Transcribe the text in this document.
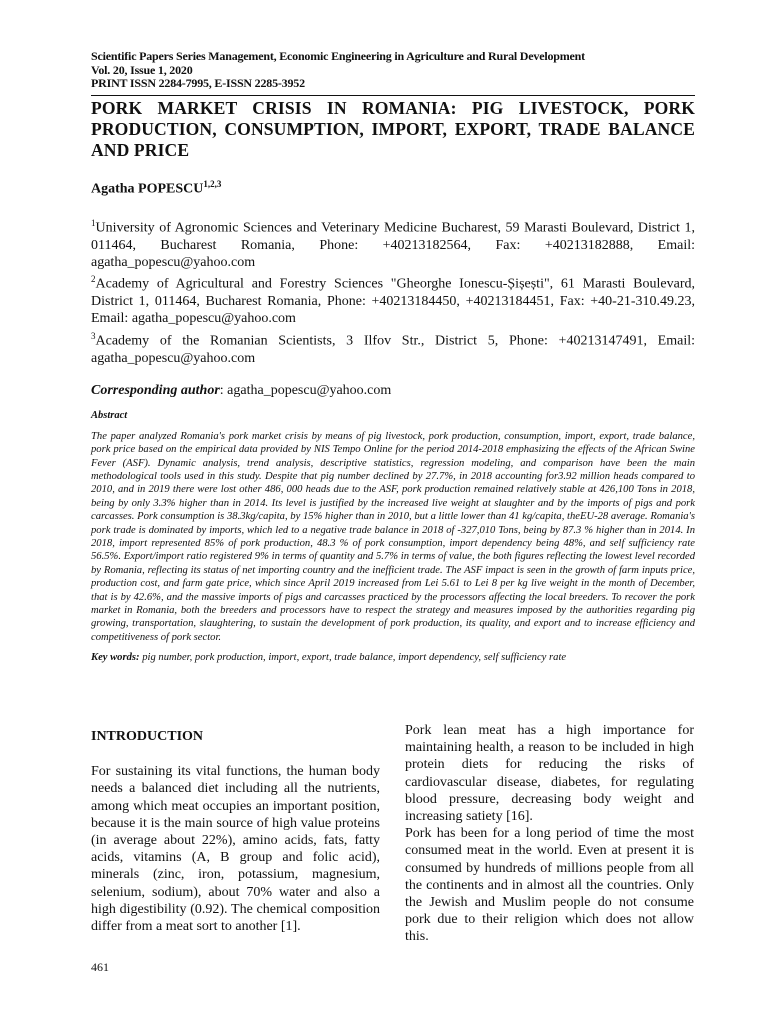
Scientific Papers Series Management, Economic Engineering in Agriculture and Rural Development
Vol. 20, Issue 1, 2020
PRINT ISSN 2284-7995, E-ISSN 2285-3952
PORK MARKET CRISIS IN ROMANIA: PIG LIVESTOCK, PORK PRODUCTION, CONSUMPTION, IMPORT, EXPORT, TRADE BALANCE AND PRICE
Agatha POPESCU$^{1,2,3}$
$^1$University of Agronomic Sciences and Veterinary Medicine Bucharest, 59 Marasti Boulevard, District 1, 011464, Bucharest Romania, Phone: +40213182564, Fax: +40213182888, Email: agatha_popescu@yahoo.com
$^2$Academy of Agricultural and Forestry Sciences "Gheorghe Ionescu-Șișești", 61 Marasti Boulevard, District 1, 011464, Bucharest Romania, Phone: +40213184450, +40213184451, Fax: +40-21-310.49.23, Email: agatha_popescu@yahoo.com
$^3$Academy of the Romanian Scientists, 3 Ilfov Str., District 5, Phone: +40213147491, Email: agatha_popescu@yahoo.com
Corresponding author: agatha_popescu@yahoo.com
Abstract
The paper analyzed Romania's pork market crisis by means of pig livestock, pork production, consumption, import, export, trade balance, pork price based on the empirical data provided by NIS Tempo Online for the period 2014-2018 emphasizing the effects of the African Swine Fever (ASF). Dynamic analysis, trend analysis, descriptive statistics, regression modeling, and comparison have been the main methodological tools used in this study. Despite that pig number declined by 27.7%, in 2018 accounting for3.92 million heads compared to 2010, and in 2019 there were lost other 486, 000 heads due to the ASF, pork production remained relatively stable at 426,100 Tons in 2018, being by only 3.3% higher than in 2014. Its level is justified by the increased live weight at slaughter and by the imports of pigs and pork carcasses. Pork consumption is 38.3kg/capita, by 15% higher than in 2010, but a little lower than 41 kg/capita, theEU-28 average. Romania's pork trade is dominated by imports, which led to a negative trade balance in 2018 of -327,010 Tons, being by 87.3 % higher than in 2014. In 2018, import represented 85% of pork production, 48.3 % of pork consumption, import dependency being 48%, and self sufficiency rate 56.5%. Export/import ratio registered 9% in terms of quantity and 5.7% in terms of value, the both figures reflecting the lowest level recorded by Romania, reflecting its status of net importing country and the inefficient trade. The ASF impact is seen in the growth of farm inputs price, production cost, and farm gate price, which since April 2019 increased from Lei 5.61 to Lei 8 per kg live weight in the month of December, that is by 42.6%, and the massive imports of pigs and carcasses practiced by the processors affecting the local breeders. To recover the pork market in Romania, both the breeders and processors have to respect the strategy and measures imposed by the authorities regarding pig growing, transportation, slaughtering, to sustain the development of pork production, its quality, and export and to increase efficiency and competitiveness of pork sector.
Key words: pig number, pork production, import, export, trade balance, import dependency, self sufficiency rate
INTRODUCTION

For sustaining its vital functions, the human body needs a balanced diet including all the nutrients, among which meat occupies an important position, because it is the main source of high value proteins (in average about 22%), amino acids, fats, fatty acids, vitamins (A, B group and folic acid), minerals (zinc, iron, potassium, magnesium, selenium, sodium), about 70% water and also a high digestibility (0.92). The chemical composition differ from a meat sort to another [1].

Pork lean meat has a high importance for maintaining health, a reason to be included in high protein diets for reducing the risks of cardiovascular disease, diabetes, for regulating blood pressure, decreasing body weight and increasing satiety [16].

Pork has been for a long period of time the most consumed meat in the world. Even at present it is consumed by hundreds of millions people from all the continents and in almost all the countries. Only the Jewish and Muslim people do not consume pork due to their religion which does not allow this.

461
